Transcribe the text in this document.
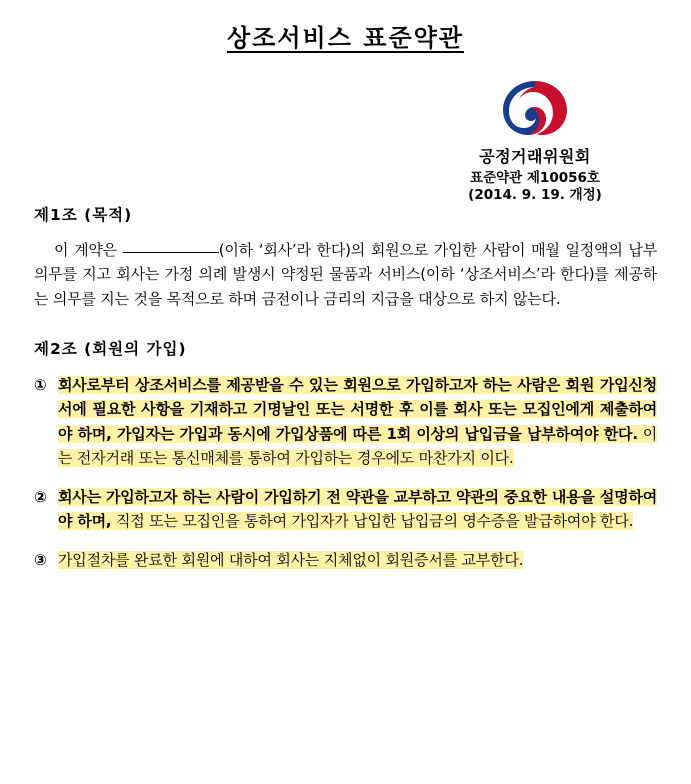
상조서비스 표준약관
공정거래위원회
표준약관 제10056호
(2014. 9. 19. 개정)
제1조 (목적)

이 계약은	(이하 ‘회사’라 한다)의 회원으로 가입한 사람이 매월 일정액의 납부의무를 지고 회사는 가정 의례 발생시 약정된 물품과 서비스(이하 ‘상조서비스’라 한다)를 제공하는 의무를 지는 것을 목적으로 하며 금전이나 금리의 지급을 대상으로 하지 않는다.

제2조 (회원의 가입)
① 회사로부터 상조서비스를 제공받을 수 있는 회원으로 가입하고자 하는 사람은 회원 가입신청서에 필요한 사항을 기재하고 기명날인 또는 서명한 후 이를 회사 또는 모집인에게 제출하여야 하며, 가입자는 가입과 동시에 가입상품에 따른 1회 이상의 납입금을 납부하여야 한다. 이는 전자거래 또는 통신매체를 통하여 가입하는 경우에도 마찬가지 이다.
② 회사는 가입하고자 하는 사람이 가입하기 전 약관을 교부하고 약관의 중요한 내용을 설명하여야 하며, 직접 또는 모집인을 통하여 가입자가 납입한 납입금의 영수증을 발급하여야 한다.
③ 가입절차를 완료한 회원에 대하여 회사는 지체없이 회원증서를 교부한다.
